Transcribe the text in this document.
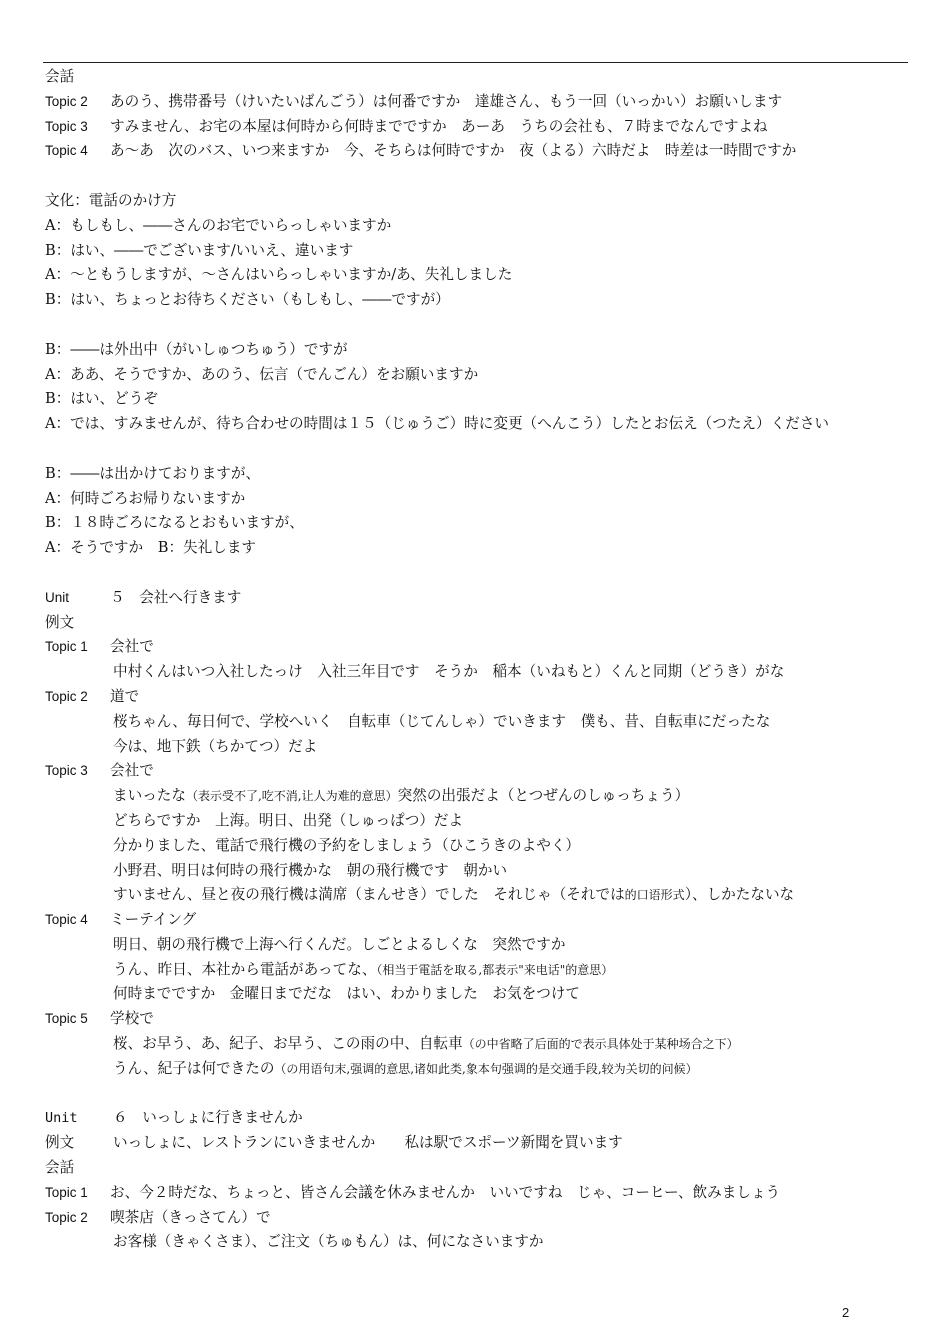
会話
Topic 2 あのう、携帯番号（けいたいばんごう）は何番ですか　達雄さん、もう一回（いっかい）お願いします
Topic 3 すみません、お宅の本屋は何時から何時までですか　あーあ　うちの会社も、７時までなんですよね
Topic 4 あ～あ　次のバス、いつ来ますか　今、そちらは何時ですか　夜（よる）六時だよ　時差は一時間ですか
文化：電話のかけ方
A：もしもし、――さんのお宅でいらっしゃいますか
B：はい、――でございます/いいえ、違います
A：～ともうしますが、～さんはいらっしゃいますか/あ、失礼しました
B：はい、ちょっとお待ちください（もしもし、――ですが）
B：――は外出中（がいしゅつちゅう）ですが
A：ああ、そうですか、あのう、伝言（でんごん）をお願いますか
B：はい、どうぞ
A：では、すみませんが、待ち合わせの時間は１５（じゅうご）時に変更（へんこう）したとお伝え（つたえ）ください
B：――は出かけておりますが、
A：何時ごろお帰りないますか
B：１８時ごろになるとおもいますが、
A：そうですか　B：失礼します
Unit	５　会社へ行きます
例文
Topic 1 会社で
中村くんはいつ入社したっけ　入社三年目です　そうか　稲本（いねもと）くんと同期（どうき）がな
Topic 2 道で
桜ちゃん、毎日何で、学校へいく　自転車（じてんしゃ）でいきます　僕も、昔、自転車にだったな
今は、地下鉄（ちかてつ）だよ
Topic 3 会社で
まいったな（表示受不了,吃不消,让人为难的意思）突然の出張だよ（とつぜんのしゅっちょう）
どちらですか　上海。明日、出発（しゅっぱつ）だよ
分かりました、電話で飛行機の予約をしましょう（ひこうきのよやく）
小野君、明日は何時の飛行機かな　朝の飛行機です　朝かい
すいません、昼と夜の飛行機は満席（まんせき）でした　それじゃ（それでは的口语形式）、しかたないな
Topic 4 ミーテイング
明日、朝の飛行機で上海へ行くんだ。しごとよるしくな　突然ですか
うん、昨日、本社から電話があってな、（相当于電話を取る,都表示"来电话"的意思）
何時までですか　金曜日までだな　はい、わかりました　お気をつけて
Topic 5 学校で
桜、お早う、あ、紀子、お早う、この雨の中、自転車（の中省略了后面的で表示具体处于某种场合之下）
うん、紀子は何できたの（の用语句末,强调的意思,诸如此类,象本句强调的是交通手段,较为关切的问候）
Unit ６　いっしょに行きませんか
例文	いっしょに、レストランにいきませんか　　私は駅でスポーツ新聞を買います
会話
Topic 1 お、今２時だな、ちょっと、皆さん会議を休みませんか　いいですね　じゃ、コーヒー、飲みましょう
Topic 2 喫茶店（きっさてん）で
お客様（きゃくさま）、ご注文（ちゅもん）は、何になさいますか
2
